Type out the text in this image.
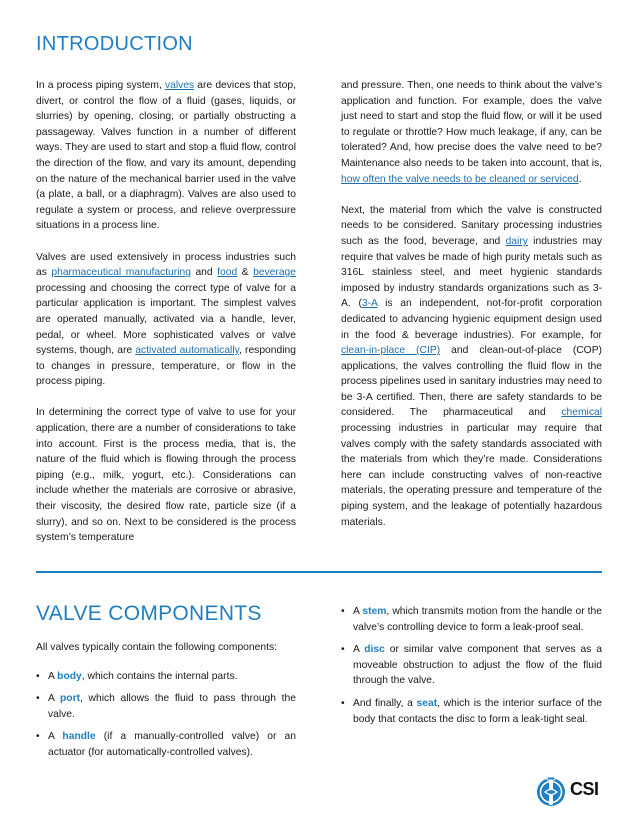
INTRODUCTION

In a process piping system, valves are devices that stop, divert, or control the flow of a fluid (gases, liquids, or slurries) by opening, closing, or partially obstructing a passageway. Valves function in a number of different ways. They are used to start and stop a fluid flow, control the direction of the flow, and vary its amount, depending on the nature of the mechanical barrier used in the valve (a plate, a ball, or a diaphragm). Valves are also used to regulate a system or process, and relieve overpressure situations in a process line.

Valves are used extensively in process industries such as pharmaceutical manufacturing and food & beverage processing and choosing the correct type of valve for a particular application is important. The simplest valves are operated manually, activated via a handle, lever, pedal, or wheel. More sophisticated valves or valve systems, though, are activated automatically, responding to changes in pressure, temperature, or flow in the process piping.

In determining the correct type of valve to use for your application, there are a number of considerations to take into account. First is the process media, that is, the nature of the fluid which is flowing through the process piping (e.g., milk, yogurt, etc.). Considerations can include whether the materials are corrosive or abrasive, their viscosity, the desired flow rate, particle size (if a slurry), and so on. Next to be considered is the process system’s temperature

and pressure. Then, one needs to think about the valve’s application and function. For example, does the valve just need to start and stop the fluid flow, or will it be used to regulate or throttle? How much leakage, if any, can be tolerated? And, how precise does the valve need to be? Maintenance also needs to be taken into account, that is, how often the valve needs to be cleaned or serviced.

Next, the material from which the valve is constructed needs to be considered. Sanitary processing industries such as the food, beverage, and dairy industries may require that valves be made of high purity metals such as 316L stainless steel, and meet hygienic standards imposed by industry standards organizations such as 3-A. (3-A is an independent, not-for-profit corporation dedicated to advancing hygienic equipment design used in the food & beverage industries). For example, for clean-in-place (CIP) and clean-out-of-place (COP) applications, the valves controlling the fluid flow in the process pipelines used in sanitary industries may need to be 3-A certified. Then, there are safety standards to be considered. The pharmaceutical and chemical processing industries in particular may require that valves comply with the safety standards associated with the materials from which they’re made. Considerations here can include constructing valves of non-reactive materials, the operating pressure and temperature of the piping system, and the leakage of potentially hazardous materials.

VALVE COMPONENTS
All valves typically contain the following components:
• A body, which contains the internal parts.
• A port, which allows the fluid to pass through the valve.
• A handle (if a manually-controlled valve) or an actuator (for automatically-controlled valves).
• A stem, which transmits motion from the handle or the valve’s controlling device to form a leak-proof seal.
• A disc or similar valve component that serves as a moveable obstruction to adjust the flow of the fluid through the valve.
• And finally, a seat, which is the interior surface of the body that contacts the disc to form a leak-tight seal.
CSI
